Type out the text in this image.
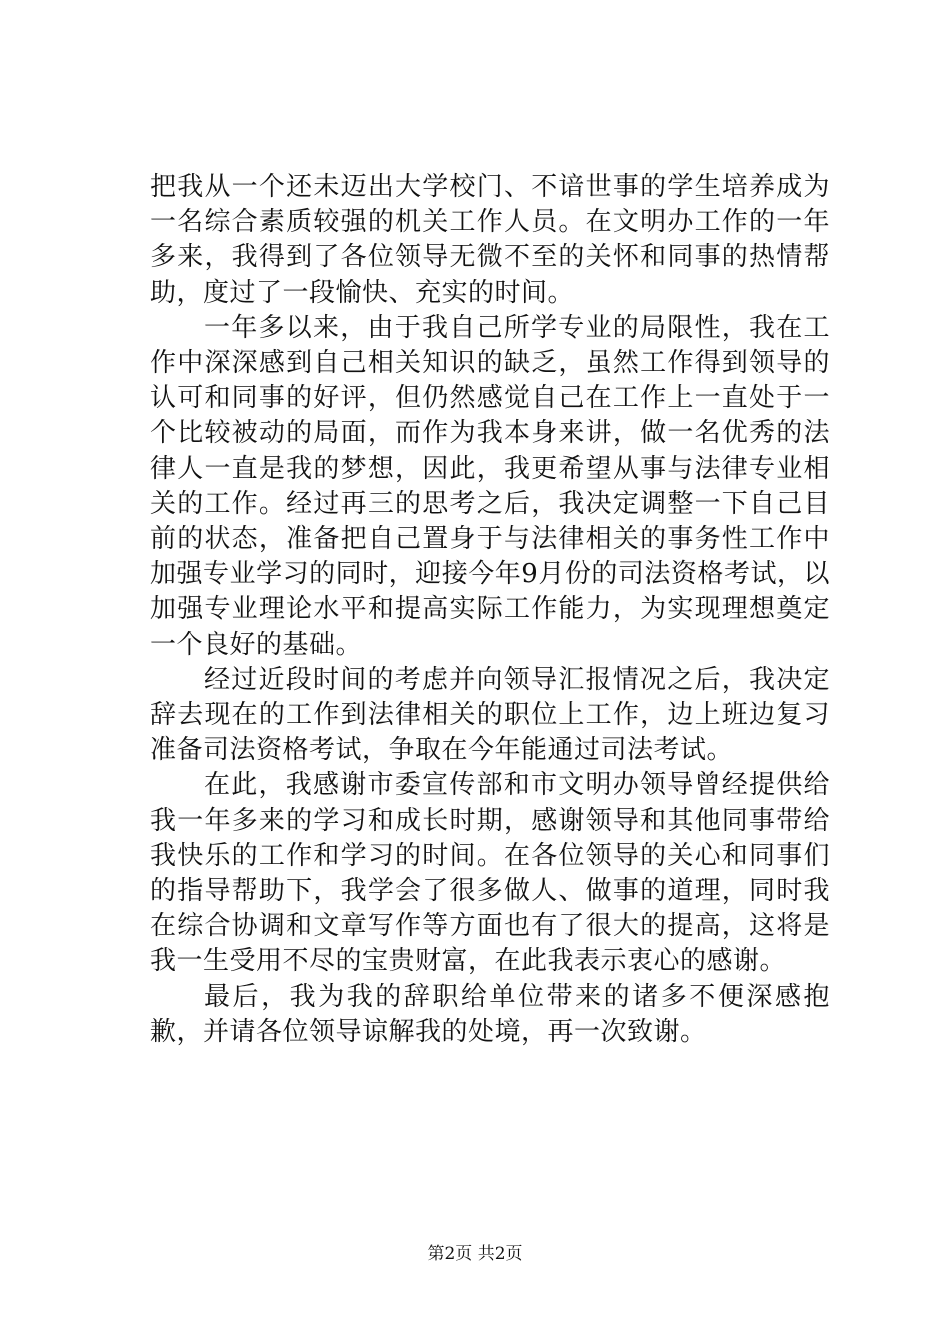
把我从一个还未迈出大学校门、不谙世事的学生培养成为一名综合素质较强的机关工作人员。在文明办工作的一年多来，我得到了各位领导无微不至的关怀和同事的热情帮助，度过了一段愉快、充实的时间。

一年多以来，由于我自己所学专业的局限性，我在工作中深深感到自己相关知识的缺乏，虽然工作得到领导的认可和同事的好评，但仍然感觉自己在工作上一直处于一个比较被动的局面，而作为我本身来讲，做一名优秀的法律人一直是我的梦想，因此，我更希望从事与法律专业相关的工作。经过再三的思考之后，我决定调整一下自己目前的状态，准备把自己置身于与法律相关的事务性工作中加强专业学习的同时，迎接今年9月份的司法资格考试，以加强专业理论水平和提高实际工作能力，为实现理想奠定一个良好的基础。

经过近段时间的考虑并向领导汇报情况之后，我决定辞去现在的工作到法律相关的职位上工作，边上班边复习准备司法资格考试，争取在今年能通过司法考试。

在此，我感谢市委宣传部和市文明办领导曾经提供给我一年多来的学习和成长时期，感谢领导和其他同事带给我快乐的工作和学习的时间。在各位领导的关心和同事们的指导帮助下，我学会了很多做人、做事的道理，同时我在综合协调和文章写作等方面也有了很大的提高，这将是我一生受用不尽的宝贵财富，在此我表示衷心的感谢。

最后，我为我的辞职给单位带来的诸多不便深感抱歉，并请各位领导谅解我的处境，再一次致谢。

第2页 共2页
